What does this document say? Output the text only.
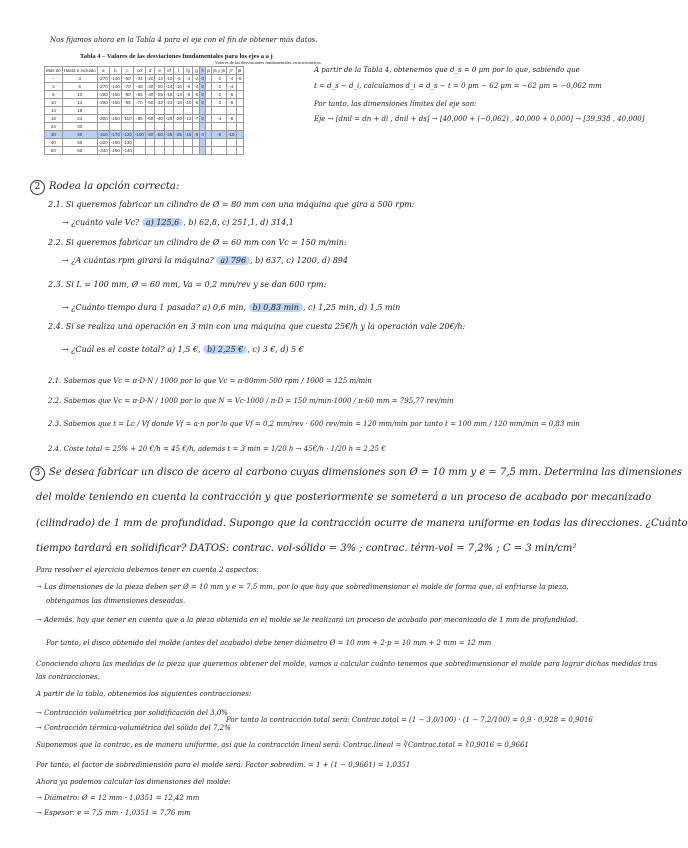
Nos fijamos ahora en la Tabla 4 para el eje con el fin de obtener más datos.
Tabla 4 – Valores de las desviaciones fundamentales para los ejes a a j
Valores de las desviaciones fundamentales en micrómetros
Más de	Hasta e incluido	a	b	c	cd	d	e	ef	f	fg	g	h	js	j5 y j6	j7	j8
–	3	-270	-140	-60	-34	-20	-14	-10	-6	-4	-2	0		-2	-4	-6
3	6	-270	-140	-70	-46	-30	-20	-14	-10	-6	-4	0		-2	-4	
6	10	-280	-150	-80	-56	-40	-25	-18	-13	-8	-5	0		-2	-5	
10	14	-290	-150	-95	-70	-50	-32	-23	-16	-10	-6	0		-3	-6	
14	18															
18	24	-300	-160	-110	-85	-65	-40	-25	-20	-12	-7	0		-4	-8	
24	30															
30	40	-310	-170	-120	-100	-80	-50	-35	-25	-15	-9	0		-5	-10	
40	50	-320	-180	-130												
50	65	-340	-190	-140												
A partir de la Tabla 4, obtenemos que d_s = 0 μm por lo que, sabiendo que
t = d_s − d_i, calculamos d_i = d_s − t = 0 μm − 62 μm = −62 μm = −0,062 mm
Por tanto, las dimensiones límites del eje son:
Eje → [dnil = dn + di , dnil + ds] → [40,000 + (−0,062) , 40,000 + 0,000] → [39,938 , 40,000]
2 Rodea la opción correcta:
2.1. Si queremos fabricar un cilindro de Ø = 80 mm con una máquina que gira a 500 rpm:
→ ¿cuánto vale Vc? a) 125,6 , b) 62,8, c) 251,1, d) 314,1
2.2. Si queremos fabricar un cilindro de Ø = 60 mm con Vc = 150 m/min:
→ ¿A cuántas rpm girará la máquina? a) 796 , b) 637, c) 1200, d) 894
2.3. Si L = 100 mm, Ø = 60 mm, Va = 0,2 mm/rev y se dan 600 rpm:
→ ¿Cuánto tiempo dura 1 pasada? a) 0,6 min, b) 0,83 min , c) 1,25 min, d) 1,5 min
2.4. Si se realiza una operación en 3 min con una máquina que cuesta 25€/h y la operación vale 20€/h:
→ ¿Cuál es el coste total? a) 1,5 €, b) 2,25 € , c) 3 €, d) 5 €
2.1. Sabemos que Vc = π·D·N / 1000 por lo que Vc = π·80mm·500 rpm / 1000 = 125 m/min
2.2. Sabemos que Vc = π·D·N / 1000 por lo que N = Vc·1000 / π·D = 150 m/min·1000 / π·60 mm = 795,77 rev/min
2.3. Sabemos que t = Lc / Vf donde Vf = a·n por lo que Vf = 0,2 mm/rev · 600 rev/min = 120 mm/min por tanto t = 100 mm / 120 mm/min = 0,83 min
2.4. Coste total = 25% + 20 €/h = 45 €/h, además t = 3 min = 1/20 h → 45€/h · 1/20 h = 2,25 €
3 Se desea fabricar un disco de acero al carbono cuyas dimensiones son Ø = 10 mm y e = 7,5 mm. Determina las dimensiones
del molde teniendo en cuenta la contracción y que posteriormente se someterá a un proceso de acabado por mecanizado
(cilindrado) de 1 mm de profundidad. Supongo que la contracción ocurre de manera uniforme en todas las direcciones. ¿Cuánto
tiempo tardará en solidificar? DATOS: contrac. vol-sólido = 3% ; contrac. térm-vol = 7,2% ; C = 3 min/cm²
Para resolver el ejercicio debemos tener en cuenta 2 aspectos:
→ Las dimensiones de la pieza deben ser Ø = 10 mm y e = 7,5 mm, por lo que hay que sobredimensionar el molde de forma que, al enfriarse la pieza,
obtengamos las dimensiones deseadas.
→ Además, hay que tener en cuenta que a la pieza obtenida en el molde se le realizará un proceso de acabado por mecanizado de 1 mm de profundidad.
Por tanto, el disco obtenido del molde (antes del acabado) debe tener diámetro Ø = 10 mm + 2·p = 10 mm + 2 mm = 12 mm
Conociendo ahora las medidas de la pieza que queremos obtener del molde, vamos a calcular cuánto tenemos que sobredimensionar el molde para lograr dichas medidas tras
las contracciones.
A partir de la tabla, obtenemos los siguientes contracciones:
→ Contracción volumétrica por solidificación del 3,0%
→ Contracción térmica-volumétrica del sólido del 7,2%
Por tanto la contracción total será: Contrac.total = (1 − 3,0/100) · (1 − 7,2/100) = 0,9 · 0,928 = 0,9016
Suponemos que la contrac. es de manera uniforme, así que la contracción lineal será: Contrac.lineal = ∛Contrac.total = ∛0,9016 = 0,9661
Por tanto, el factor de sobredimensión para el molde será: Factor sobredim. = 1 + (1 − 0,9661) = 1,0351
Ahora ya podemos calcular las dimensiones del molde:
→ Diámetro: Ø = 12 mm · 1,0351 = 12,42 mm
→ Espesor: e = 7,5 mm · 1,0351 = 7,76 mm
